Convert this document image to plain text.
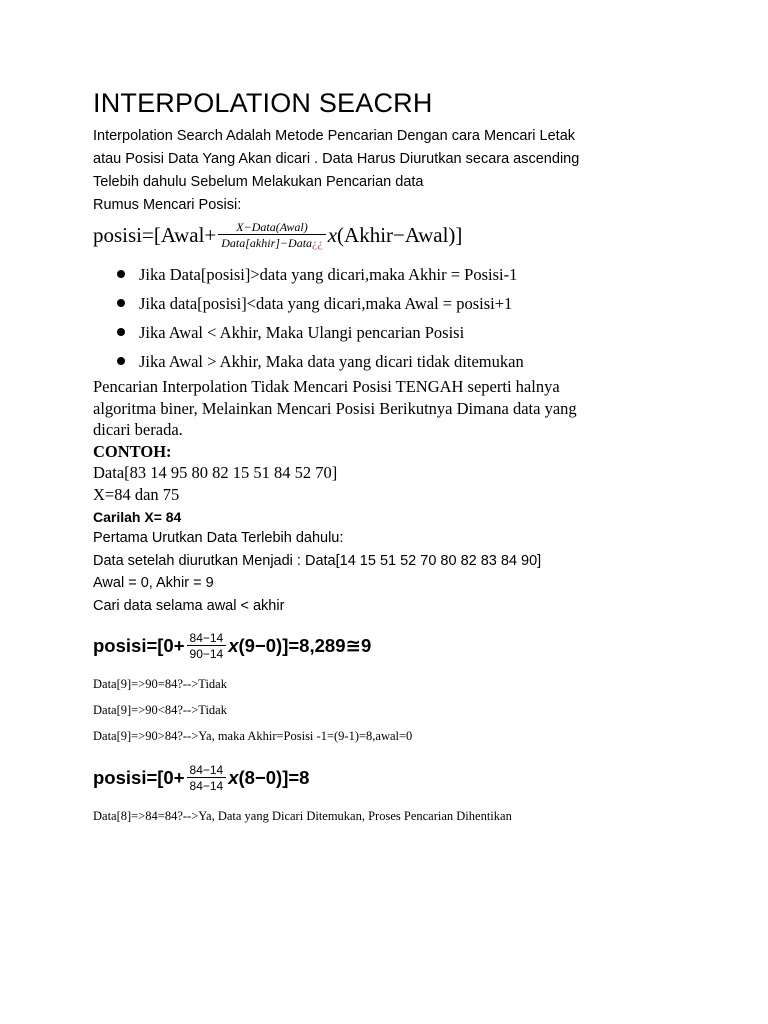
INTERPOLATION SEACRH

Interpolation Search Adalah Metode Pencarian Dengan cara Mencari Letak

atau Posisi Data Yang Akan dicari . Data Harus Diurutkan secara ascending

Telebih dahulu Sebelum Melakukan Pencarian data

Rumus Mencari Posisi:

posisi=[Awal+ $\frac{\text{X−Data(Awal)}}{\text{Data[akhir]−Data¿¿}}$ x (Akhir−Awal)]
Jika Data[posisi]>data yang dicari,maka Akhir = Posisi-1
Jika data[posisi]<data yang dicari,maka Awal = posisi+1
Jika Awal < Akhir, Maka Ulangi pencarian Posisi
Jika Awal > Akhir, Maka data yang dicari tidak ditemukan

Pencarian Interpolation Tidak Mencari Posisi TENGAH seperti halnya

algoritma biner, Melainkan Mencari Posisi Berikutnya Dimana data yang

dicari berada.

CONTOH:

Data[83 14 95 80 82 15 51 84 52 70]

X=84 dan 75

Carilah X= 84

Pertama Urutkan Data Terlebih dahulu:

Data setelah diurutkan Menjadi : Data[14 15 51 52 70 80 82 83 84 90]

Awal = 0, Akhir = 9

Cari data selama awal < akhir

posisi=[0+ $\frac{84-14}{90-14}$ x (9−0)]=8,289≅9

Data[9]=>90=84?-->Tidak

Data[9]=>90<84?-->Tidak

Data[9]=>90>84?-->Ya, maka Akhir=Posisi -1=(9-1)=8,awal=0

posisi=[0+ $\frac{84-14}{84-14}$ x (8−0)]=8

Data[8]=>84=84?-->Ya, Data yang Dicari Ditemukan, Proses Pencarian Dihentikan
